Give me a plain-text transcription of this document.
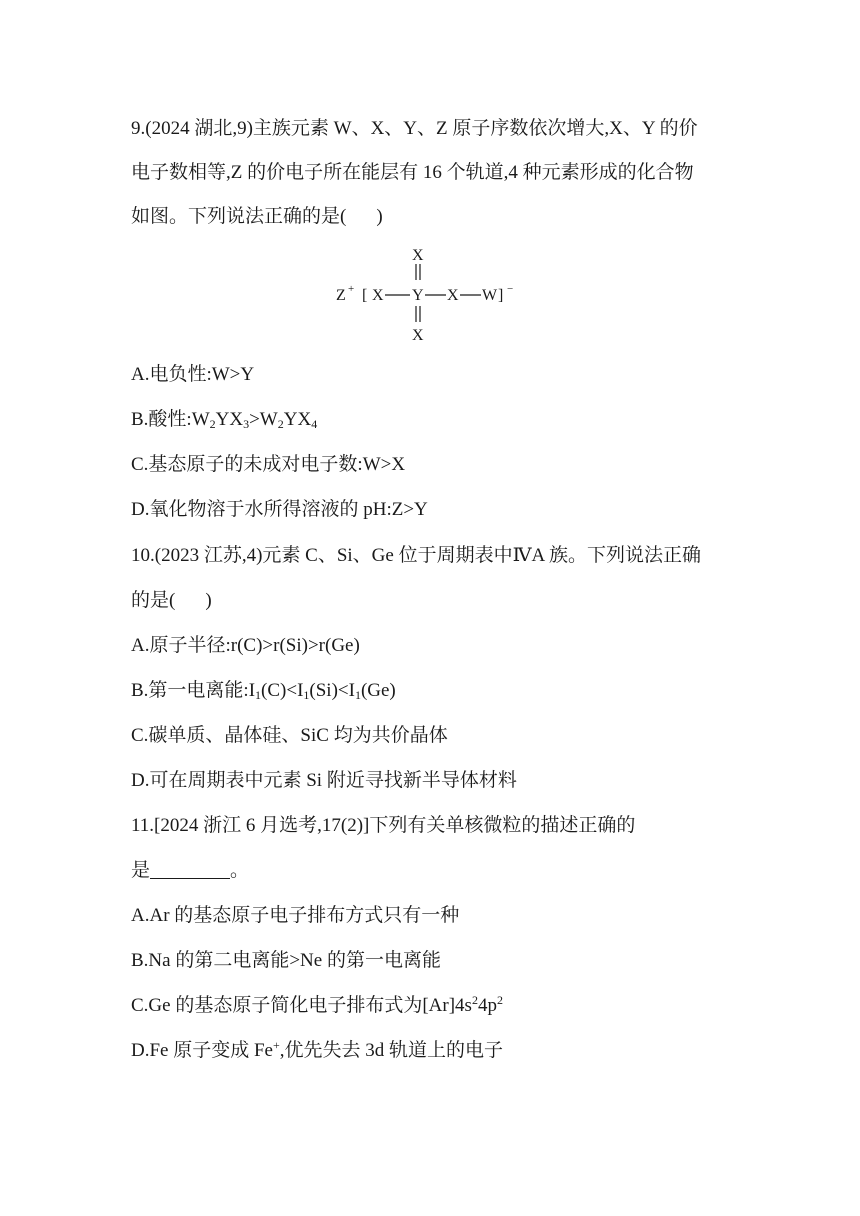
9.(2024 湖北,9)主族元素 W、X、Y、Z 原子序数依次增大,X、Y 的价
电子数相等,Z 的价电子所在能层有 16 个轨道,4 种元素形成的化合物
如图。下列说法正确的是( )
X
Z + [ X Y X W ] −
X
A.电负性:W>Y
B.酸性$:W_2YX_3>W_2YX_4$
C.基态原子的未成对电子数:W>X
D.氧化物溶于水所得溶液的 pH:Z>Y
10.(2023 江苏,4)元素 C、Si、Ge 位于周期表中ⅣA 族。下列说法正确
的是( )
A.原子半径:r(C)>r(Si)>r(Ge)
B.第一电离能$:I_1(C)<I_1(Si)<I_1(Ge)$
C.碳单质、晶体硅、SiC 均为共价晶体
D.可在周期表中元素 Si 附近寻找新半导体材料
11.[2024 浙江 6 月选考,17(2)]下列有关单核微粒的描述正确的
是	。
A.Ar 的基态原子电子排布方式只有一种
B.Na 的第二电离能>Ne 的第一电离能
C.Ge 的基态原子简化电子排布式为$[Ar]4s^24p^2$
D.Fe 原子变成 Fe+,优先失去 3d 轨道上的电子
